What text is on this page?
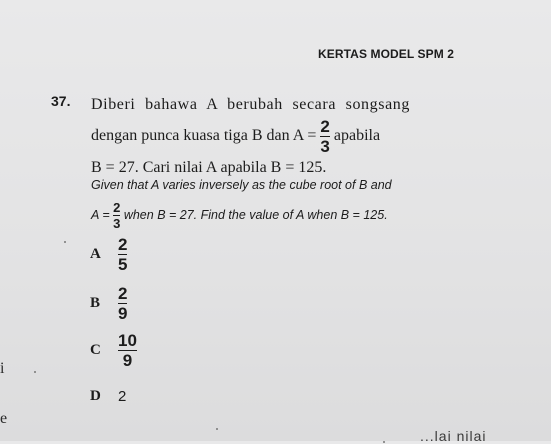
KERTAS MODEL SPM 2
37. Diberi bahawa A berubah secara songsang
dengan punca kuasa tiga B dan $A = \frac{2}{3}$ apabila
B = 27. Cari nilai A apabila B = 125.
Given that A varies inversely as the cube root of B and
$A = \frac{2}{3}$ when B = 27. Find the value of A when B = 125.
A	$\frac{2}{5}$
B	$\frac{2}{9}$
C	$\frac{10}{9}$
D	2
i
e
...lai nilai
